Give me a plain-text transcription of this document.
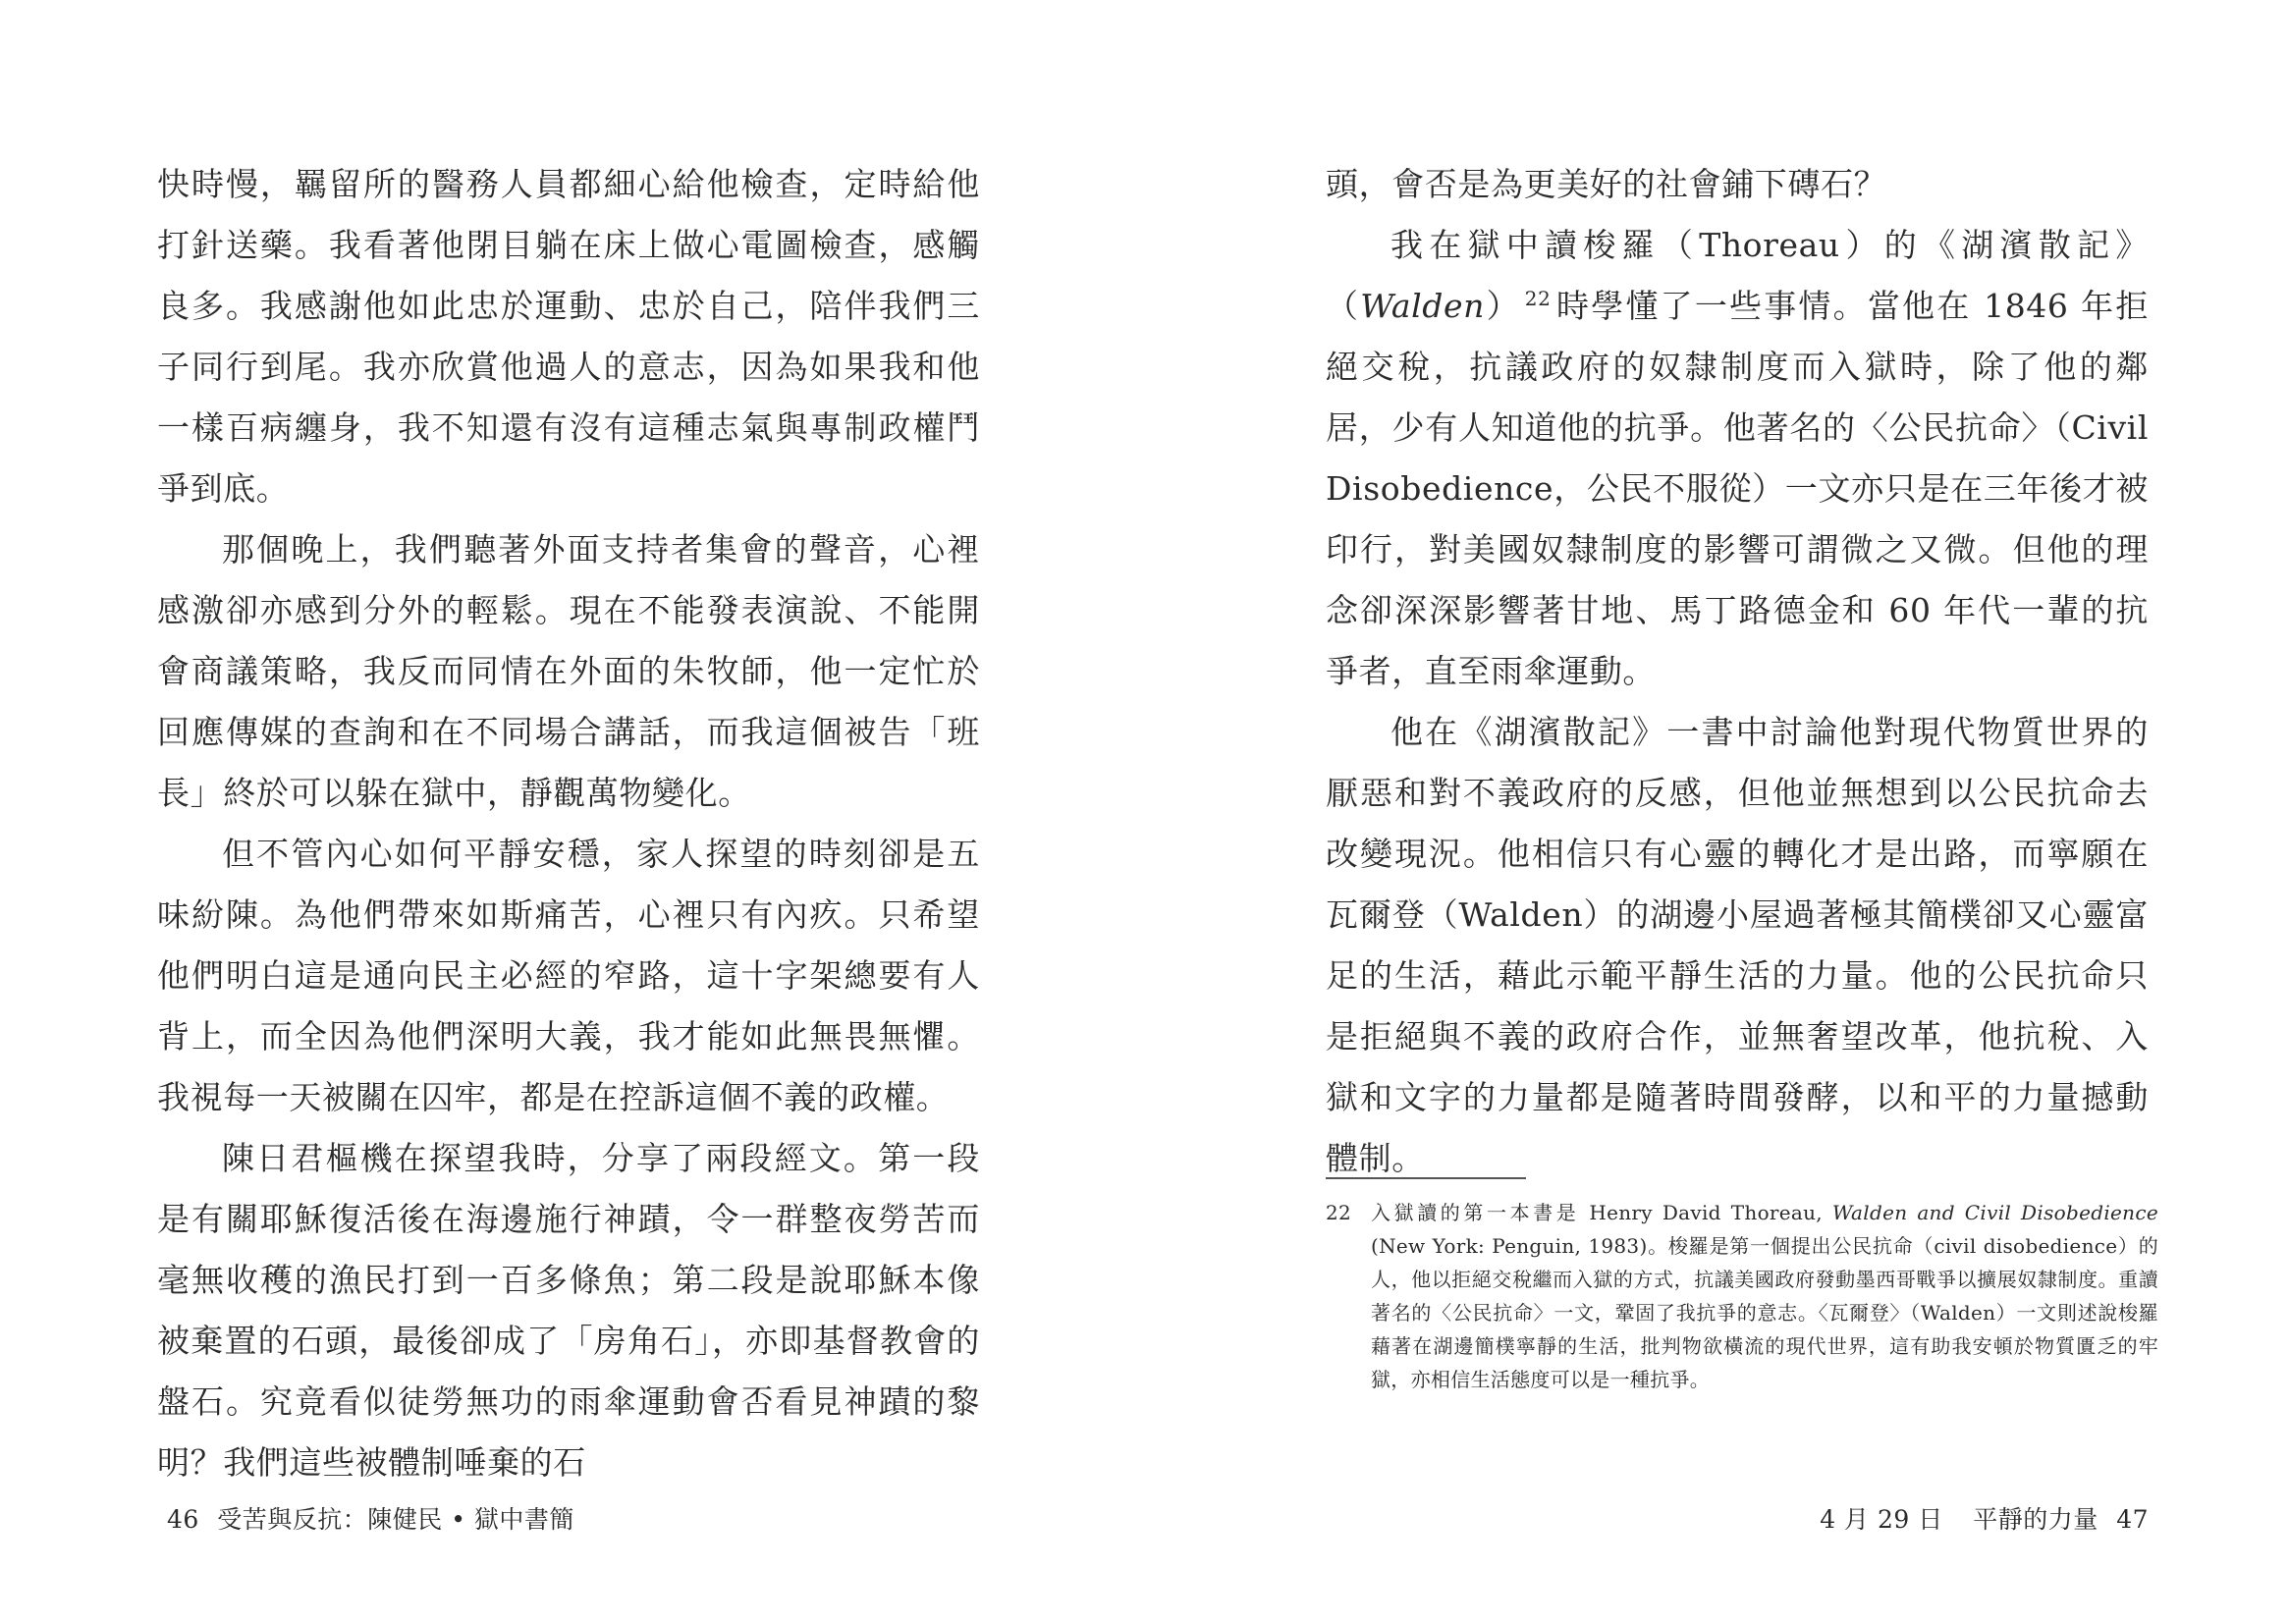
快時慢，羈留所的醫務人員都細心給他檢查，定時給他打針送藥。我看著他閉目躺在床上做心電圖檢查，感觸良多。我感謝他如此忠於運動、忠於自己，陪伴我們三子同行到尾。我亦欣賞他過人的意志，因為如果我和他一樣百病纏身，我不知還有沒有這種志氣與專制政權鬥爭到底。

那個晚上，我們聽著外面支持者集會的聲音，心裡感激卻亦感到分外的輕鬆。現在不能發表演說、不能開會商議策略，我反而同情在外面的朱牧師，他一定忙於回應傳媒的查詢和在不同場合講話，而我這個被告「班長」終於可以躲在獄中，靜觀萬物變化。

但不管內心如何平靜安穩，家人探望的時刻卻是五味紛陳。為他們帶來如斯痛苦，心裡只有內疚。只希望他們明白這是通向民主必經的窄路，這十字架總要有人背上，而全因為他們深明大義，我才能如此無畏無懼。我視每一天被關在囚牢，都是在控訴這個不義的政權。

陳日君樞機在探望我時，分享了兩段經文。第一段是有關耶穌復活後在海邊施行神蹟，令一群整夜勞苦而毫無收穫的漁民打到一百多條魚；第二段是說耶穌本像被棄置的石頭，最後卻成了「房角石」，亦即基督教會的盤石。究竟看似徒勞無功的雨傘運動會否看見神蹟的黎明？我們這些被體制唾棄的石

46 受苦與反抗：陳健民 • 獄中書簡

頭，會否是為更美好的社會鋪下磚石？

我在獄中讀梭羅（Thoreau）的《湖濱散記》（Walden） $^{22}$ 時學懂了一些事情。當他在 1846 年拒絕交稅，抗議政府的奴隸制度而入獄時，除了他的鄰居，少有人知道他的抗爭。他著名的〈公民抗命〉（Civil Disobedience，公民不服從）一文亦只是在三年後才被印行，對美國奴隸制度的影響可謂微之又微。但他的理念卻深深影響著甘地、馬丁路德金和 60 年代一輩的抗爭者，直至雨傘運動。

他在《湖濱散記》一書中討論他對現代物質世界的厭惡和對不義政府的反感，但他並無想到以公民抗命去改變現況。他相信只有心靈的轉化才是出路，而寧願在瓦爾登（Walden）的湖邊小屋過著極其簡樸卻又心靈富足的生活，藉此示範平靜生活的力量。他的公民抗命只是拒絕與不義的政府合作，並無奢望改革，他抗稅、入獄和文字的力量都是隨著時間發酵，以和平的力量撼動體制。

22 入獄讀的第一本書是 Henry David Thoreau, Walden and Civil Disobedience (New York: Penguin, 1983)。梭羅是第一個提出公民抗命（civil disobedience）的人，他以拒絕交稅繼而入獄的方式，抗議美國政府發動墨西哥戰爭以擴展奴隸制度。重讀著名的〈公民抗命〉一文，鞏固了我抗爭的意志。〈瓦爾登〉（Walden）一文則述說梭羅藉著在湖邊簡樸寧靜的生活，批判物欲橫流的現代世界，這有助我安頓於物質匱乏的牢獄，亦相信生活態度可以是一種抗爭。
4 月 29 日 平靜的力量 47
